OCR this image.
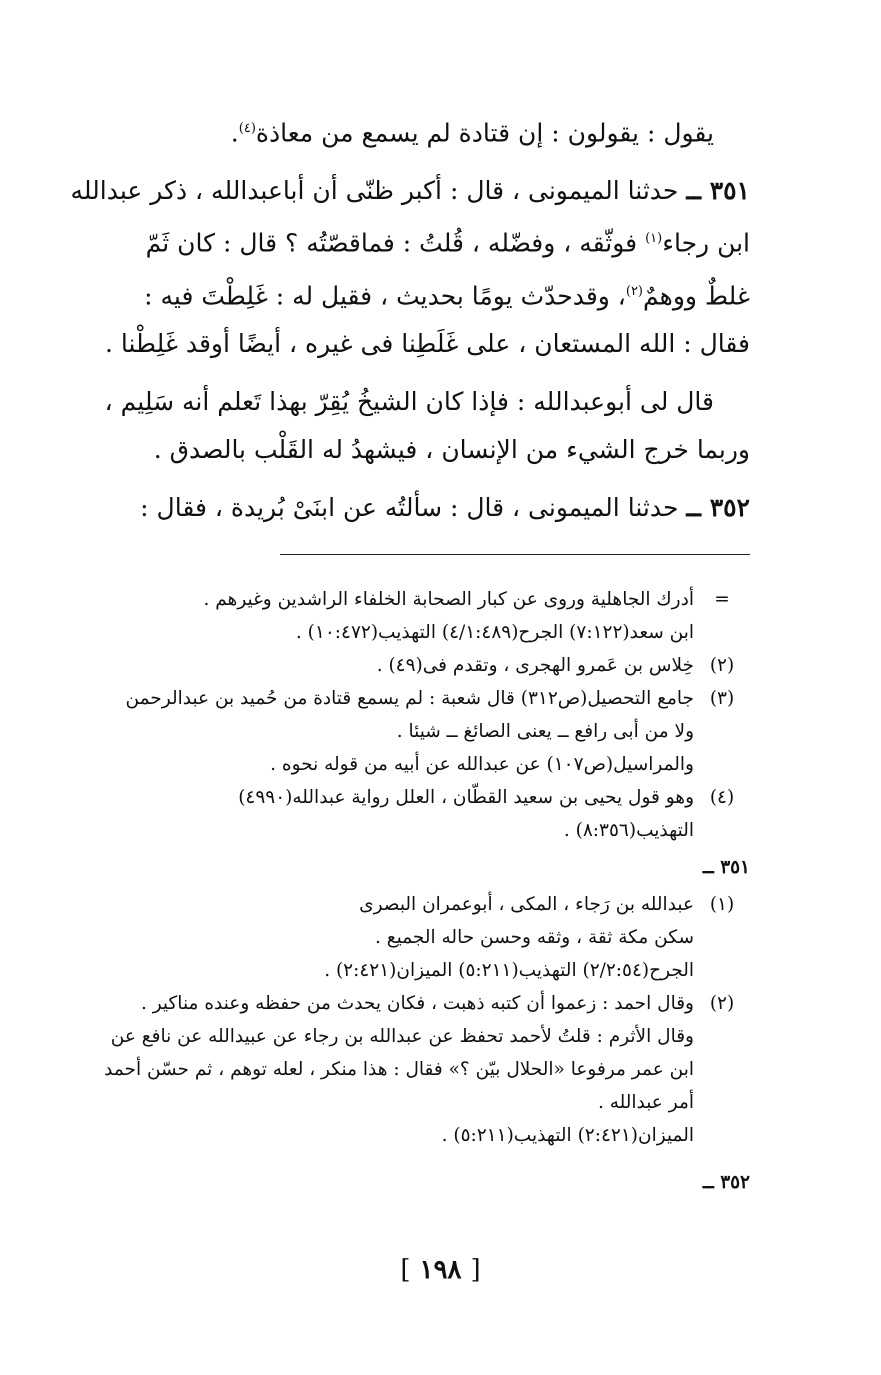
يقول : يقولون : إن قتادة لم يسمع من معاذة$^{(٤)}$.

٣٥١ ــ حدثنا الميمونى ، قال : أكبر ظنّى أن أباعبدالله ، ذكر عبدالله

ابن رجاء$^{(١)}$ فوثّقه ، وفضّله ، قُلتُ : فماقصّتُه ؟ قال : كان ثَمّ

غلطٌ ووهمٌ$^{(٢)}$، وقدحدّث يومًا بحديث ، فقيل له : غَلِطْتَ فيه :

فقال : الله المستعان ، على غَلَطِنا فى غيره ، أيضًا أوقد غَلِطْنا .

قال لى أبوعبدالله : فإذا كان الشيخُ يُقِرّ بهذا تَعلم أنه سَلِيم ،

وربما خرج الشيء من الإنسان ، فيشهدُ له القَلْب بالصدق .

٣٥٢ ــ حدثنا الميمونى ، قال : سألتُه عن ابنَىْ بُريدة ، فقال :

=
أدرك الجاهلية وروى عن كبار الصحابة الخلفاء الراشدين وغيرهم .
ابن سعد(٧:١٢٢) الجرح(٤/١:٤٨٩) التهذيب(١٠:٤٧٢) .
(٢)
خِلاس بن عَمرو الهجرى ، وتقدم فى(٤٩) .
(٣)
جامع التحصيل(ص٣١٢) قال شعبة : لم يسمع قتادة من حُميد بن عبدالرحمن
ولا من أبى رافع ــ يعنى الصائغ ــ شيئا .
والمراسيل(ص١٠٧) عن عبدالله عن أبيه من قوله نحوه .
(٤)
وهو قول يحيى بن سعيد القطّان ، العلل رواية عبدالله(٤٩٩٠)
التهذيب(٨:٣٥٦) .
٣٥١ ــ
(١)
عبدالله بن رَجاء ، المكى ، أبوعمران البصرى
سكن مكة ثقة ، وثقه وحسن حاله الجميع .
الجرح(٢/٢:٥٤) التهذيب(٥:٢١١) الميزان(٢:٤٢١) .
(٢)
وقال احمد : زعموا أن كتبه ذهبت ، فكان يحدث من حفظه وعنده مناكير .
وقال الأثرم : قلتُ لأحمد تحفظ عن عبدالله بن رجاء عن عبيدالله عن نافع عن
ابن عمر مرفوعا «الحلال بيّن ؟» فقال : هذا منكر ، لعله توهم ، ثم حسّن أحمد
أمر عبدالله .
الميزان(٢:٤٢١) التهذيب(٥:٢١١) .
٣٥٢ ــ
[ ١٩٨ ]
